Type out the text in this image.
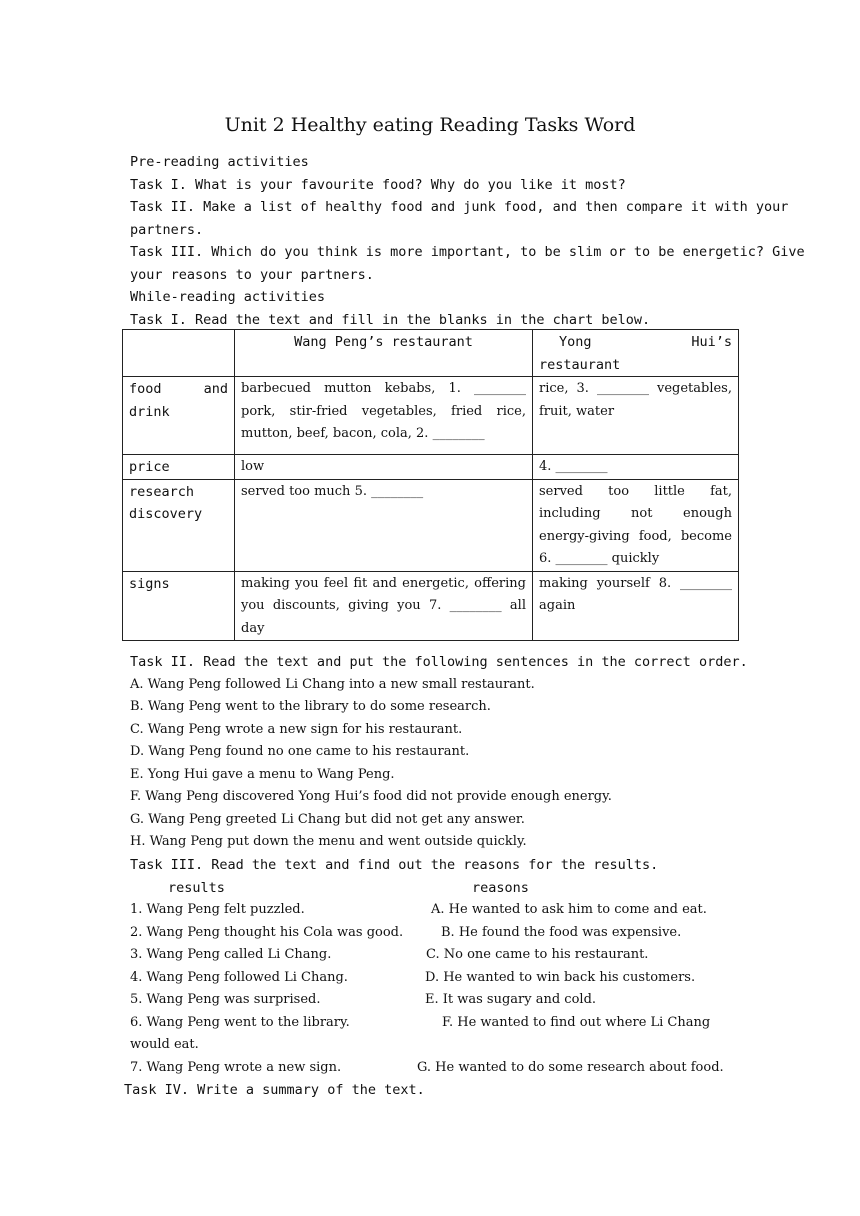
Unit 2 Healthy eating Reading Tasks Word
Pre-reading activities
Task I. What is your favourite food? Why do you like it most?
Task II. Make a list of healthy food and junk food, and then compare it with your
partners.
Task III. Which do you think is more important, to be slim or to be energetic? Give
your reasons to your partners.
While-reading activities
Task I. Read the text and fill in the blanks in the chart below.
	Wang Peng’s restaurant	Yong Hui’s
restaurant

food and
drink	barbecued mutton kebabs, 1. ________ pork, stir-fried vegetables, fried rice, mutton, beef, bacon, cola, 2. ________	rice, 3. ________ vegetables, fruit, water
price	low	4. ________
research discovery	served too much 5. ________	served too little fat, including not enough energy-giving food, become 6. ________ quickly
signs	making you feel fit and energetic, offering you discounts, giving you 7. ________ all day	making yourself 8. ________ again
Task II. Read the text and put the following sentences in the correct order.
A. Wang Peng followed Li Chang into a new small restaurant.
B. Wang Peng went to the library to do some research.
C. Wang Peng wrote a new sign for his restaurant.
D. Wang Peng found no one came to his restaurant.
E. Yong Hui gave a menu to Wang Peng.
F. Wang Peng discovered Yong Hui’s food did not provide enough energy.
G. Wang Peng greeted Li Chang but did not get any answer.
H. Wang Peng put down the menu and went outside quickly.
Task III. Read the text and find out the reasons for the results.
results	reasons
1. Wang Peng felt puzzled.	A. He wanted to ask him to come and eat.
2. Wang Peng thought his Cola was good.	B. He found the food was expensive.
3. Wang Peng called Li Chang.	C. No one came to his restaurant.
4. Wang Peng followed Li Chang.	D. He wanted to win back his customers.
5. Wang Peng was surprised.	E. It was sugary and cold.
6. Wang Peng went to the library.	F. He wanted to find out where Li Chang
would eat.
7. Wang Peng wrote a new sign.	G. He wanted to do some research about food.
Task IV. Write a summary of the text.
